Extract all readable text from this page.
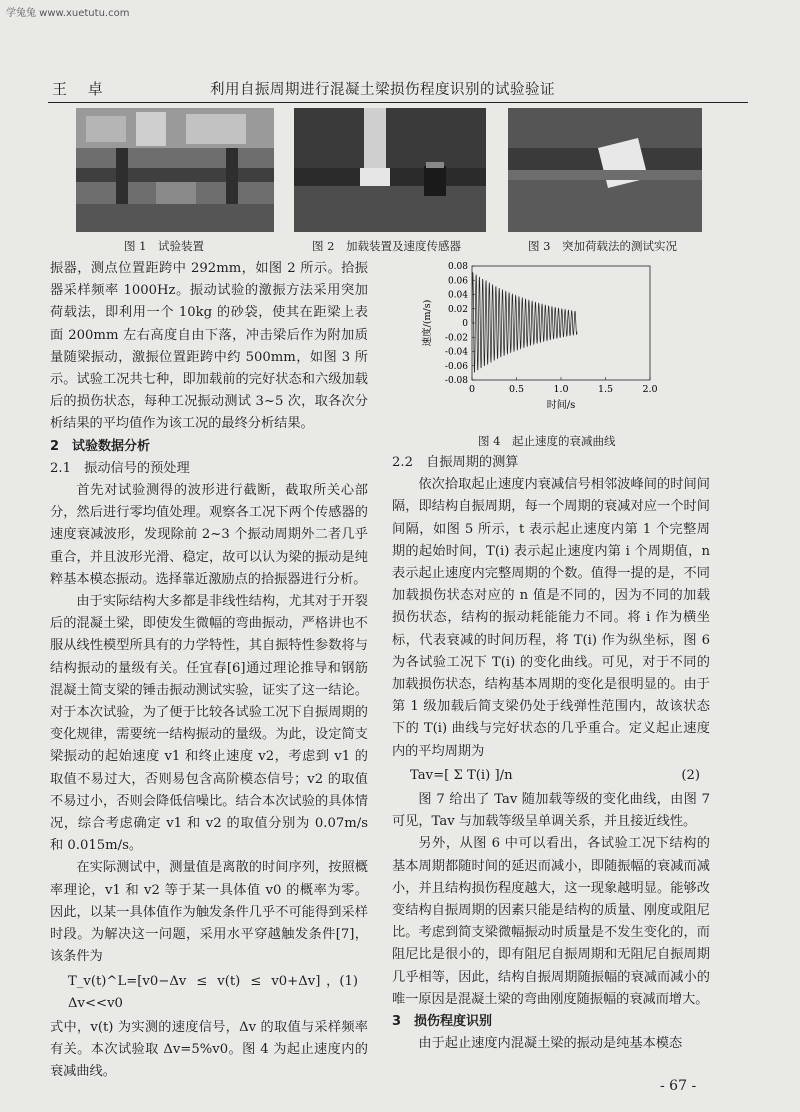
学兔兔 www.xuetutu.com
王 卓	利用自振周期进行混凝土梁损伤程度识别的试验验证
图 1　试验装置	图 2　加载装置及速度传感器	图 3　突加荷载法的测试实况

振器，测点位置距跨中 292mm，如图 2 所示。拾振器采样频率 1000Hz。振动试验的激振方法采用突加荷载法，即利用一个 10kg 的砂袋，使其在距梁上表面 200mm 左右高度自由下落，冲击梁后作为附加质量随梁振动，激振位置距跨中约 500mm，如图 3 所示。试验工况共七种，即加载前的完好状态和六级加载后的损伤状态，每种工况振动测试 3~5 次，取各次分析结果的平均值作为该工况的最终分析结果。

2　试验数据分析
2.1　振动信号的预处理

首先对试验测得的波形进行截断，截取所关心部分，然后进行零均值处理。观察各工况下两个传感器的速度衰减波形，发现除前 2~3 个振动周期外二者几乎重合，并且波形光滑、稳定，故可以认为梁的振动是纯粹基本模态振动。选择靠近激励点的拾振器进行分析。

由于实际结构大多都是非线性结构，尤其对于开裂后的混凝土梁，即使发生微幅的弯曲振动，严格讲也不服从线性模型所具有的力学特性，其自振特性参数将与结构振动的量级有关。任宜春[6]通过理论推导和钢筋混凝土简支梁的锤击振动测试实验，证实了这一结论。对于本次试验，为了便于比较各试验工况下自振周期的变化规律，需要统一结构振动的量级。为此，设定简支梁振动的起始速度 v1 和终止速度 v2，考虑到 v1 的取值不易过大，否则易包含高阶模态信号；v2 的取值不易过小，否则会降低信噪比。结合本次试验的具体情况，综合考虑确定 v1 和 v2 的取值分别为 0.07m/s 和 0.015m/s。

在实际测试中，测量值是离散的时间序列，按照概率理论，v1 和 v2 等于某一具体值 v0 的概率为零。因此，以某一具体值作为触发条件几乎不可能得到采样时段。为解决这一问题，采用水平穿越触发条件[7]，该条件为

T_v(t)^L=[v0−Δv ≤ v(t) ≤ v0+Δv]，Δv<<v0
(1)

式中，v(t) 为实测的速度信号，Δv 的取值与采样频率有关。本次试验取 Δv=5%v0。图 4 为起止速度内的衰减曲线。

0.08
0.06
0.04
0.02
0
-0.02
-0.04
-0.06
-0.08
0	0.5	1.0	1.5	2.0
时间/s
速度/(m/s)
图 4　起止速度的衰减曲线
2.2　自振周期的测算

依次拾取起止速度内衰减信号相邻波峰间的时间间隔，即结构自振周期，每一个周期的衰减对应一个时间间隔，如图 5 所示，t 表示起止速度内第 1 个完整周期的起始时间，T(i) 表示起止速度内第 i 个周期值，n 表示起止速度内完整周期的个数。值得一提的是，不同加载损伤状态对应的 n 值是不同的，因为不同的加载损伤状态，结构的振动耗能能力不同。将 i 作为横坐标，代表衰减的时间历程，将 T(i) 作为纵坐标，图 6 为各试验工况下 T(i) 的变化曲线。可见，对于不同的加载损伤状态，结构基本周期的变化是很明显的。由于第 1 级加载后简支梁仍处于线弹性范围内，故该状态下的 T(i) 曲线与完好状态的几乎重合。定义起止速度内的平均周期为

Tav=[ Σ T(i) ]/n	(2)

图 7 给出了 Tav 随加载等级的变化曲线，由图 7 可见，Tav 与加载等级呈单调关系，并且接近线性。

另外，从图 6 中可以看出，各试验工况下结构的基本周期都随时间的延迟而减小，即随振幅的衰减而减小，并且结构损伤程度越大，这一现象越明显。能够改变结构自振周期的因素只能是结构的质量、刚度或阻尼比。考虑到简支梁微幅振动时质量是不发生变化的，而阻尼比是很小的，即有阻尼自振周期和无阻尼自振周期几乎相等，因此，结构自振周期随振幅的衰减而减小的唯一原因是混凝土梁的弯曲刚度随振幅的衰减而增大。

3　损伤程度识别

由于起止速度内混凝土梁的振动是纯基本模态

- 67 -
